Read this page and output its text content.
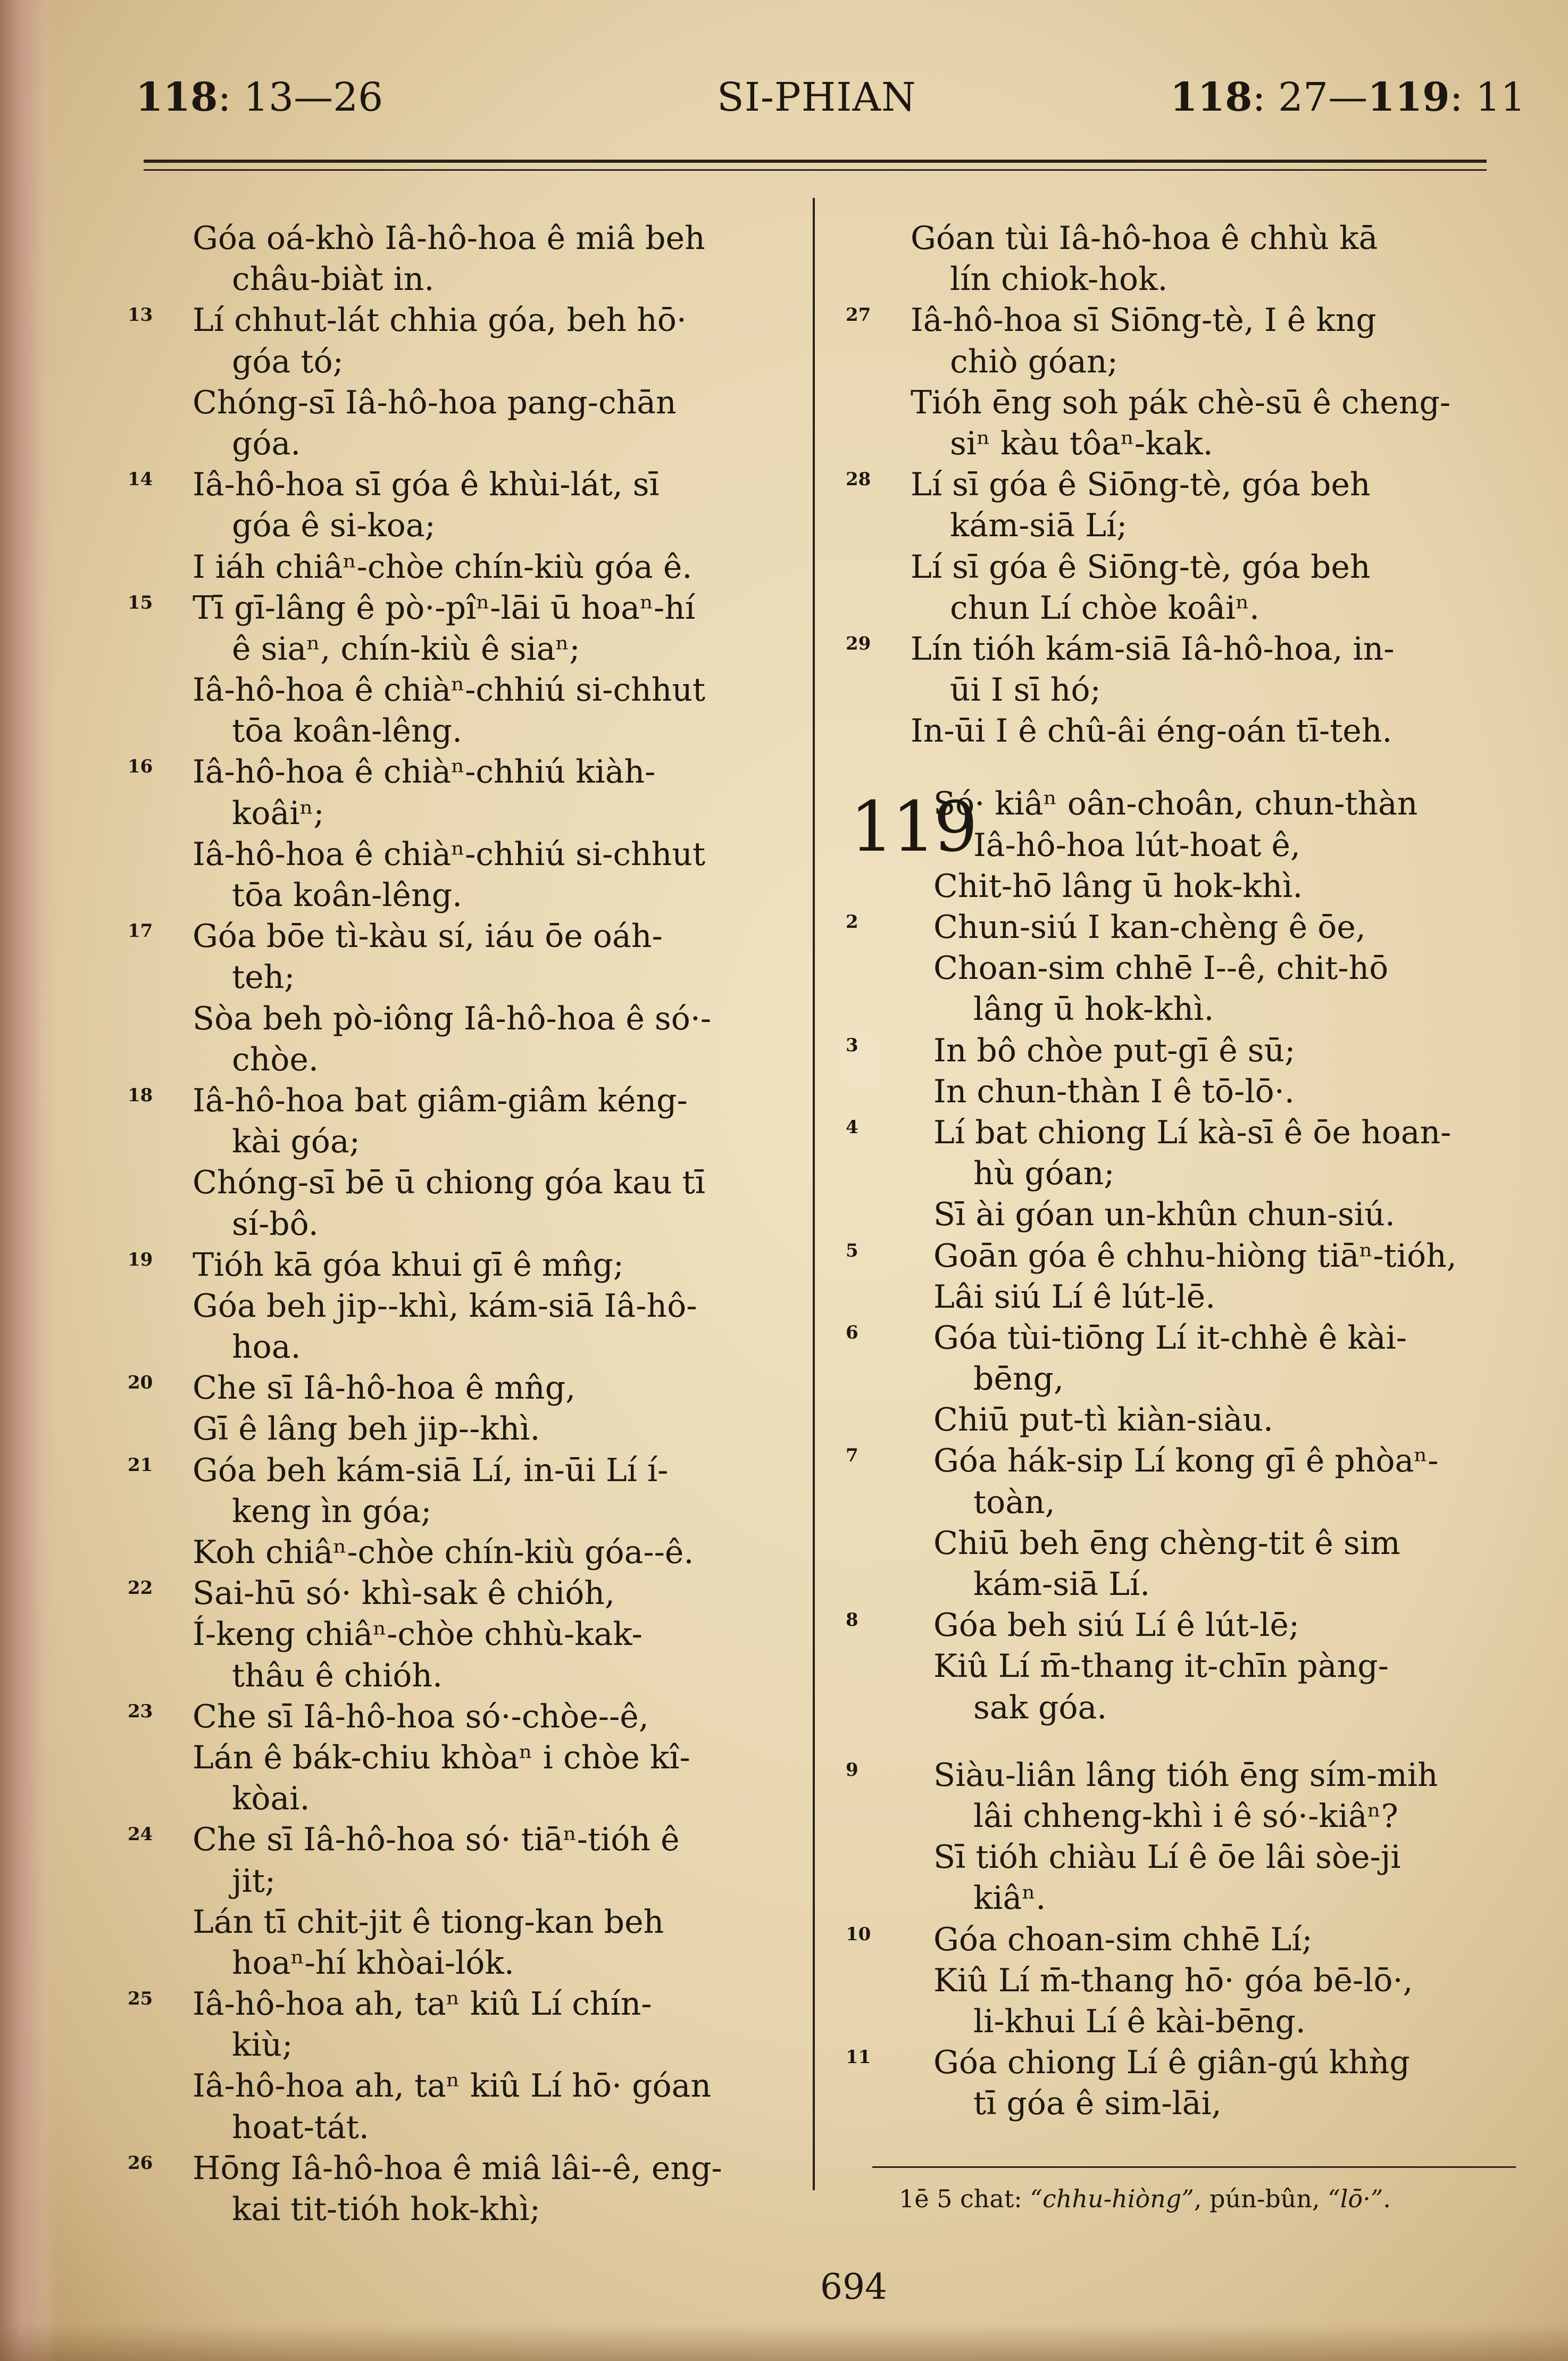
118: 13—26	SI-PHIAN	118: 27—119: 11
Góa oá-khò Iâ-hô-hoa ê miâ beh
châu-biàt in.
13 Lí chhut-lát chhia góa, beh hō·
góa tó;
Chóng-sī Iâ-hô-hoa pang-chān
góa.
14 Iâ-hô-hoa sī góa ê khùi-lát, sī
góa ê si-koa;
I iáh chiâⁿ-chòe chín-kiù góa ê.
15 Tī gī-lâng ê pò·-pîⁿ-lāi ū hoaⁿ-hí
ê siaⁿ, chín-kiù ê siaⁿ;
Iâ-hô-hoa ê chiàⁿ-chhiú si-chhut
tōa koân-lêng.
16 Iâ-hô-hoa ê chiàⁿ-chhiú kiàh-
koâiⁿ;
Iâ-hô-hoa ê chiàⁿ-chhiú si-chhut
tōa koân-lêng.
17 Góa bōe tì-kàu sí, iáu ōe oáh-
teh;
Sòa beh pò-iông Iâ-hô-hoa ê só·-
chòe.
18 Iâ-hô-hoa bat giâm-giâm kéng-
kài góa;
Chóng-sī bē ū chiong góa kau tī
sí-bô.
19 Tióh kā góa khui gī ê mn̂g;
Góa beh jip--khì, kám-siā Iâ-hô-
hoa.
20 Che sī Iâ-hô-hoa ê mn̂g,
Gī ê lâng beh jip--khì.
21 Góa beh kám-siā Lí, in-ūi Lí í-
keng ìn góa;
Koh chiâⁿ-chòe chín-kiù góa--ê.
22 Sai-hū só· khì-sak ê chióh,
Í-keng chiâⁿ-chòe chhù-kak-
thâu ê chióh.
23 Che sī Iâ-hô-hoa só·-chòe--ê,
Lán ê bák-chiu khòaⁿ i chòe kî-
kòai.
24 Che sī Iâ-hô-hoa só· tiāⁿ-tióh ê
jit;
Lán tī chit-jit ê tiong-kan beh
hoaⁿ-hí khòai-lók.
25 Iâ-hô-hoa ah, taⁿ kiû Lí chín-
kiù;
Iâ-hô-hoa ah, taⁿ kiû Lí hō· góan
hoat-tát.
26 Hōng Iâ-hô-hoa ê miâ lâi--ê, eng-
kai tit-tióh hok-khì;
Góan tùi Iâ-hô-hoa ê chhù kā
lín chiok-hok.
27 Iâ-hô-hoa sī Siōng-tè, I ê kng
chiò góan;
Tióh ēng soh pák chè-sū ê cheng-
siⁿ kàu tôaⁿ-kak.
28 Lí sī góa ê Siōng-tè, góa beh
kám-siā Lí;
Lí sī góa ê Siōng-tè, góa beh
chun Lí chòe koâiⁿ.
29 Lín tióh kám-siā Iâ-hô-hoa, in-
ūi I sī hó;
In-ūi I ê chû-âi éng-oán tī-teh.
119
Só· kiâⁿ oân-choân, chun-thàn
Iâ-hô-hoa lút-hoat ê,
Chit-hō lâng ū hok-khì.
2 Chun-siú I kan-chèng ê ōe,
Choan-sim chhē I--ê, chit-hō
lâng ū hok-khì.
3 In bô chòe put-gī ê sū;
In chun-thàn I ê tō-lō·.
4 Lí bat chiong Lí kà-sī ê ōe hoan-
hù góan;
Sī ài góan un-khûn chun-siú.
5 Goān góa ê chhu-hiòng tiāⁿ-tióh,
Lâi siú Lí ê lút-lē.
6 Góa tùi-tiōng Lí it-chhè ê kài-
bēng,
Chiū put-tì kiàn-siàu.
7 Góa hák-sip Lí kong gī ê phòaⁿ-
toàn,
Chiū beh ēng chèng-tit ê sim
kám-siā Lí.
8 Góa beh siú Lí ê lút-lē;
Kiû Lí m̄-thang it-chīn pàng-
sak góa.
9 Siàu-liân lâng tióh ēng sím-mih
lâi chheng-khì i ê só·-kiâⁿ?
Sī tióh chiàu Lí ê ōe lâi sòe-ji
kiâⁿ.
10 Góa choan-sim chhē Lí;
Kiû Lí m̄-thang hō· góa bē-lō·,
li-khui Lí ê kài-bēng.
11 Góa chiong Lí ê giân-gú khǹg
tī góa ê sim-lāi,
1ē 5 chat: “chhu-hiòng”, pún-bûn, “lō·”.
694
